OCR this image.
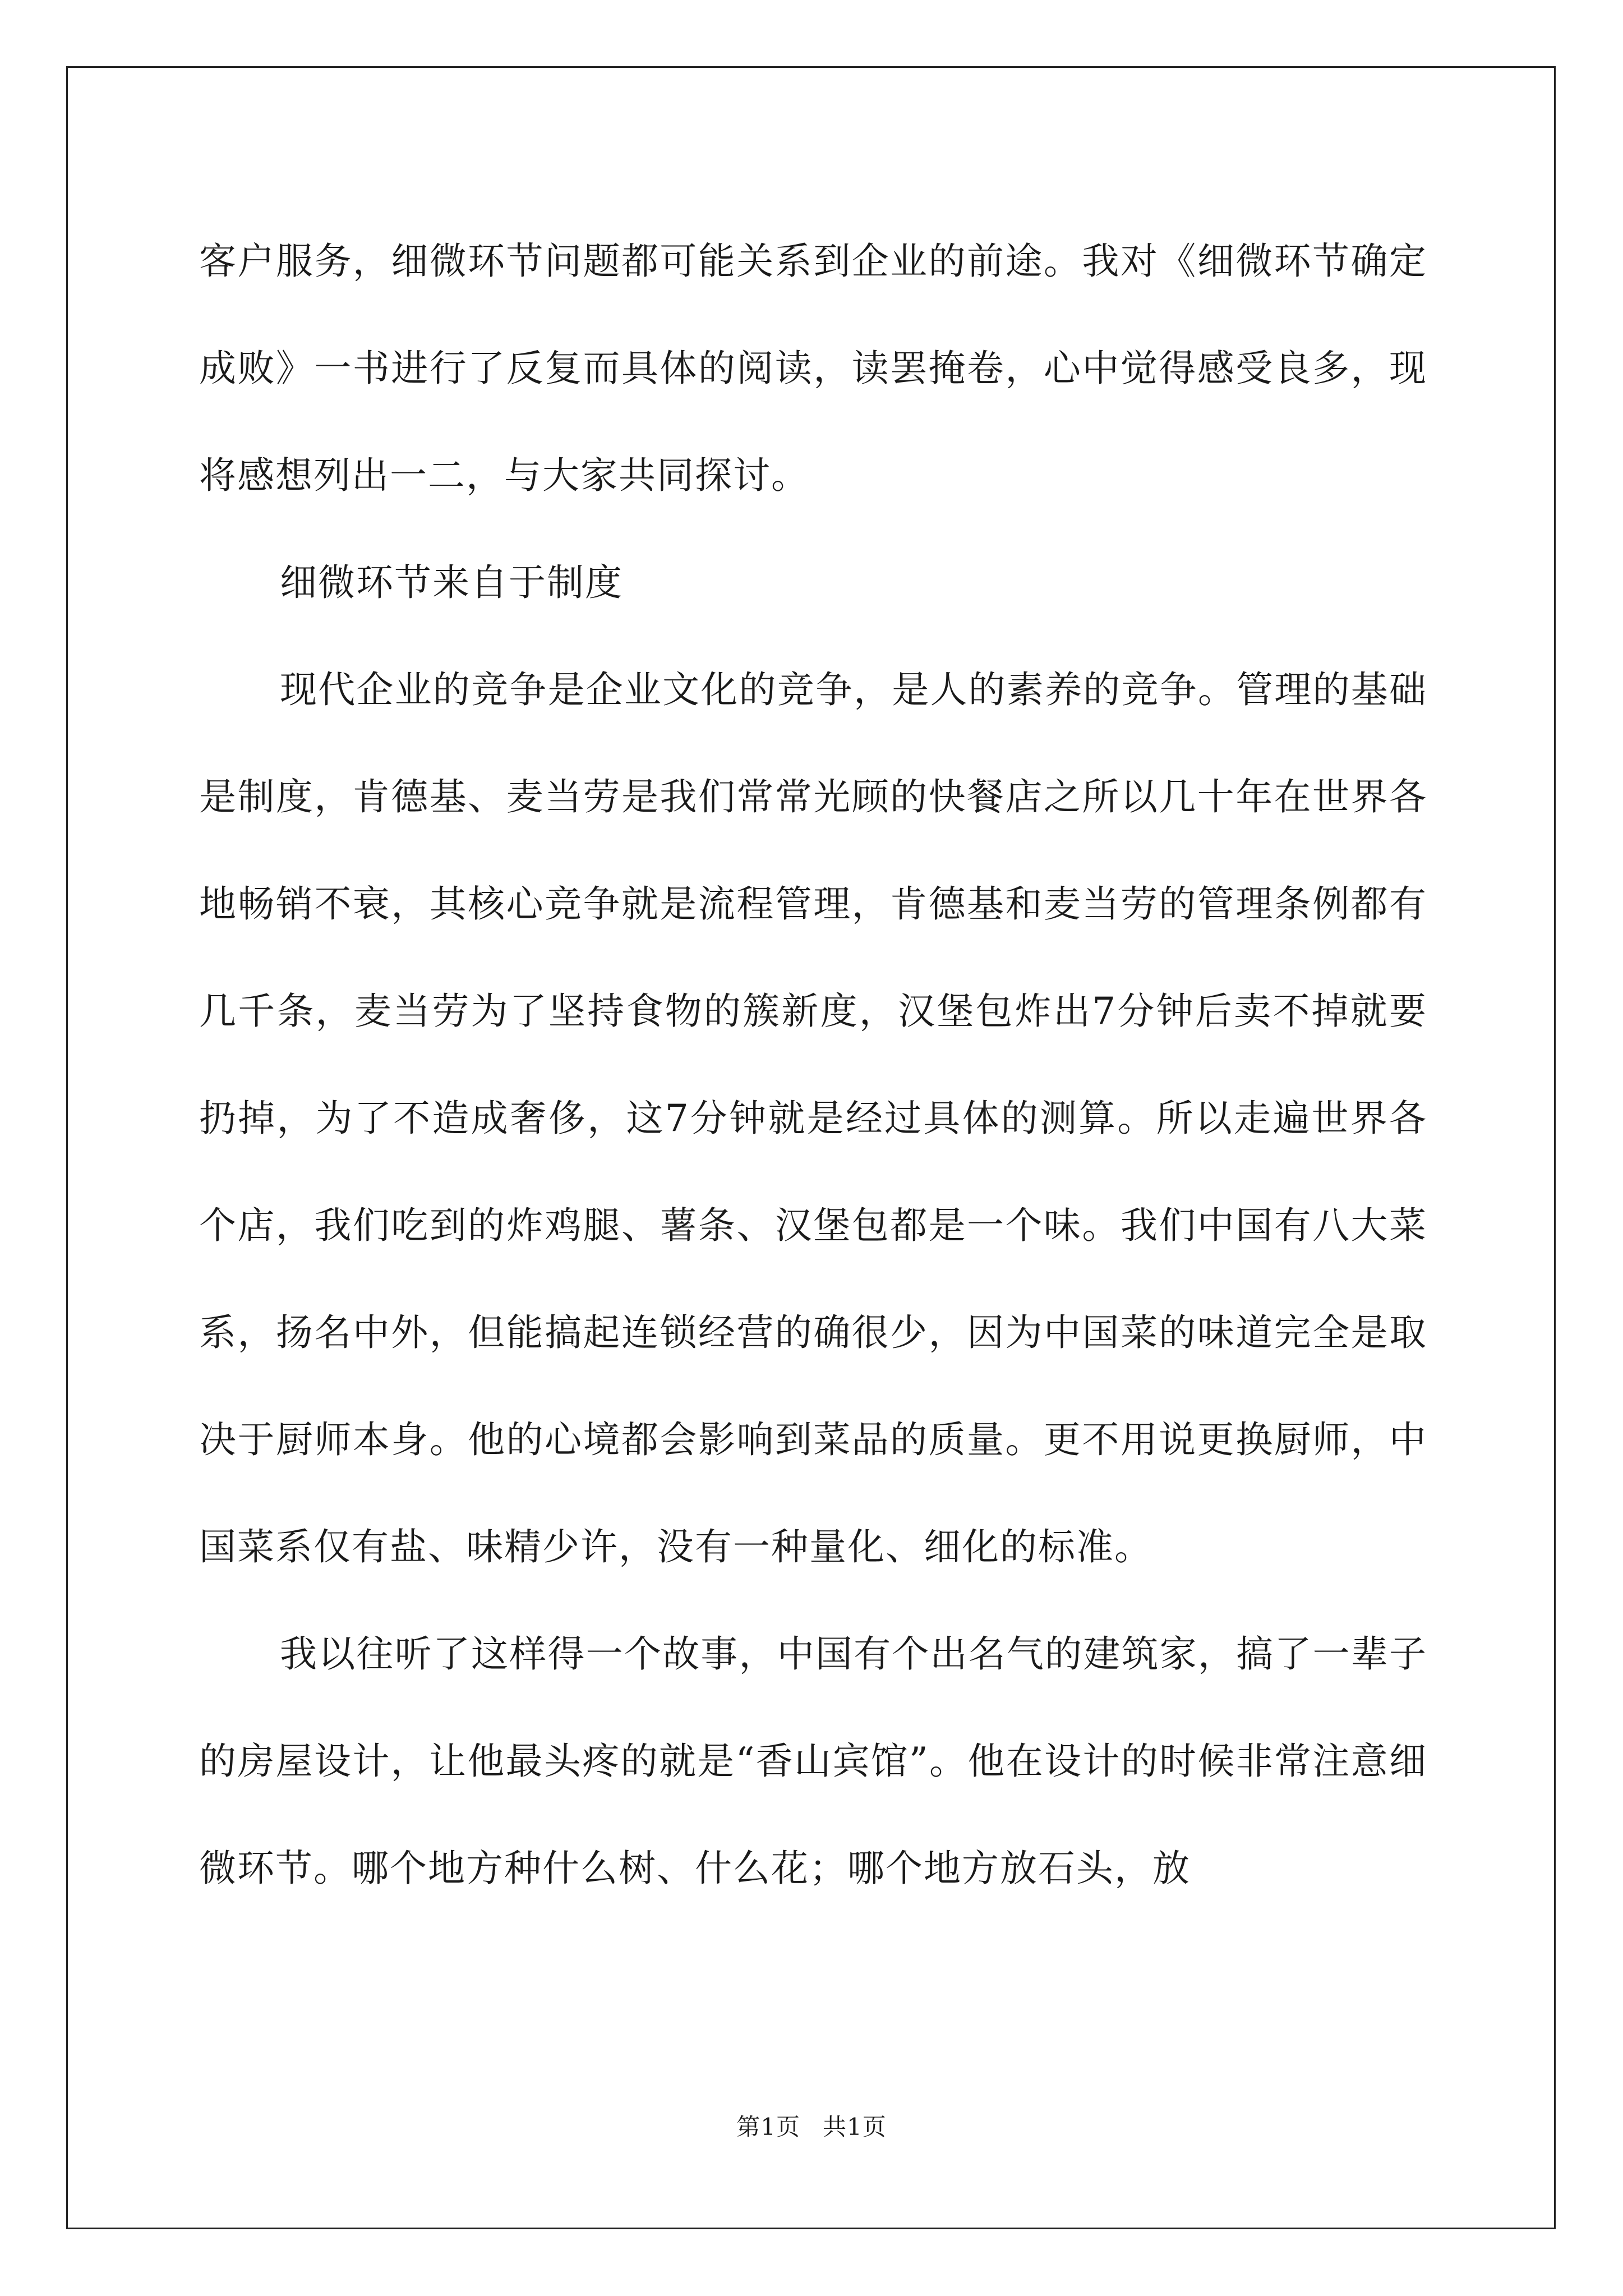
客户服务，细微环节问题都可能关系到企业的前途。我对《细微环节确定成败》一书进行了反复而具体的阅读，读罢掩卷，心中觉得感受良多，现将感想列出一二，与大家共同探讨。

细微环节来自于制度

现代企业的竞争是企业文化的竞争，是人的素养的竞争。管理的基础是制度，肯德基、麦当劳是我们常常光顾的快餐店之所以几十年在世界各地畅销不衰，其核心竞争就是流程管理，肯德基和麦当劳的管理条例都有几千条，麦当劳为了坚持食物的簇新度，汉堡包炸出7分钟后卖不掉就要扔掉，为了不造成奢侈，这7分钟就是经过具体的测算。所以走遍世界各个店，我们吃到的炸鸡腿、薯条、汉堡包都是一个味。我们中国有八大菜系，扬名中外，但能搞起连锁经营的确很少，因为中国菜的味道完全是取决于厨师本身。他的心境都会影响到菜品的质量。更不用说更换厨师，中国菜系仅有盐、味精少许，没有一种量化、细化的标准。

我以往听了这样得一个故事，中国有个出名气的建筑家，搞了一辈子的房屋设计，让他最头疼的就是“香山宾馆”。他在设计的时候非常注意细微环节。哪个地方种什么树、什么花；哪个地方放石头，放

第1页 共1页
